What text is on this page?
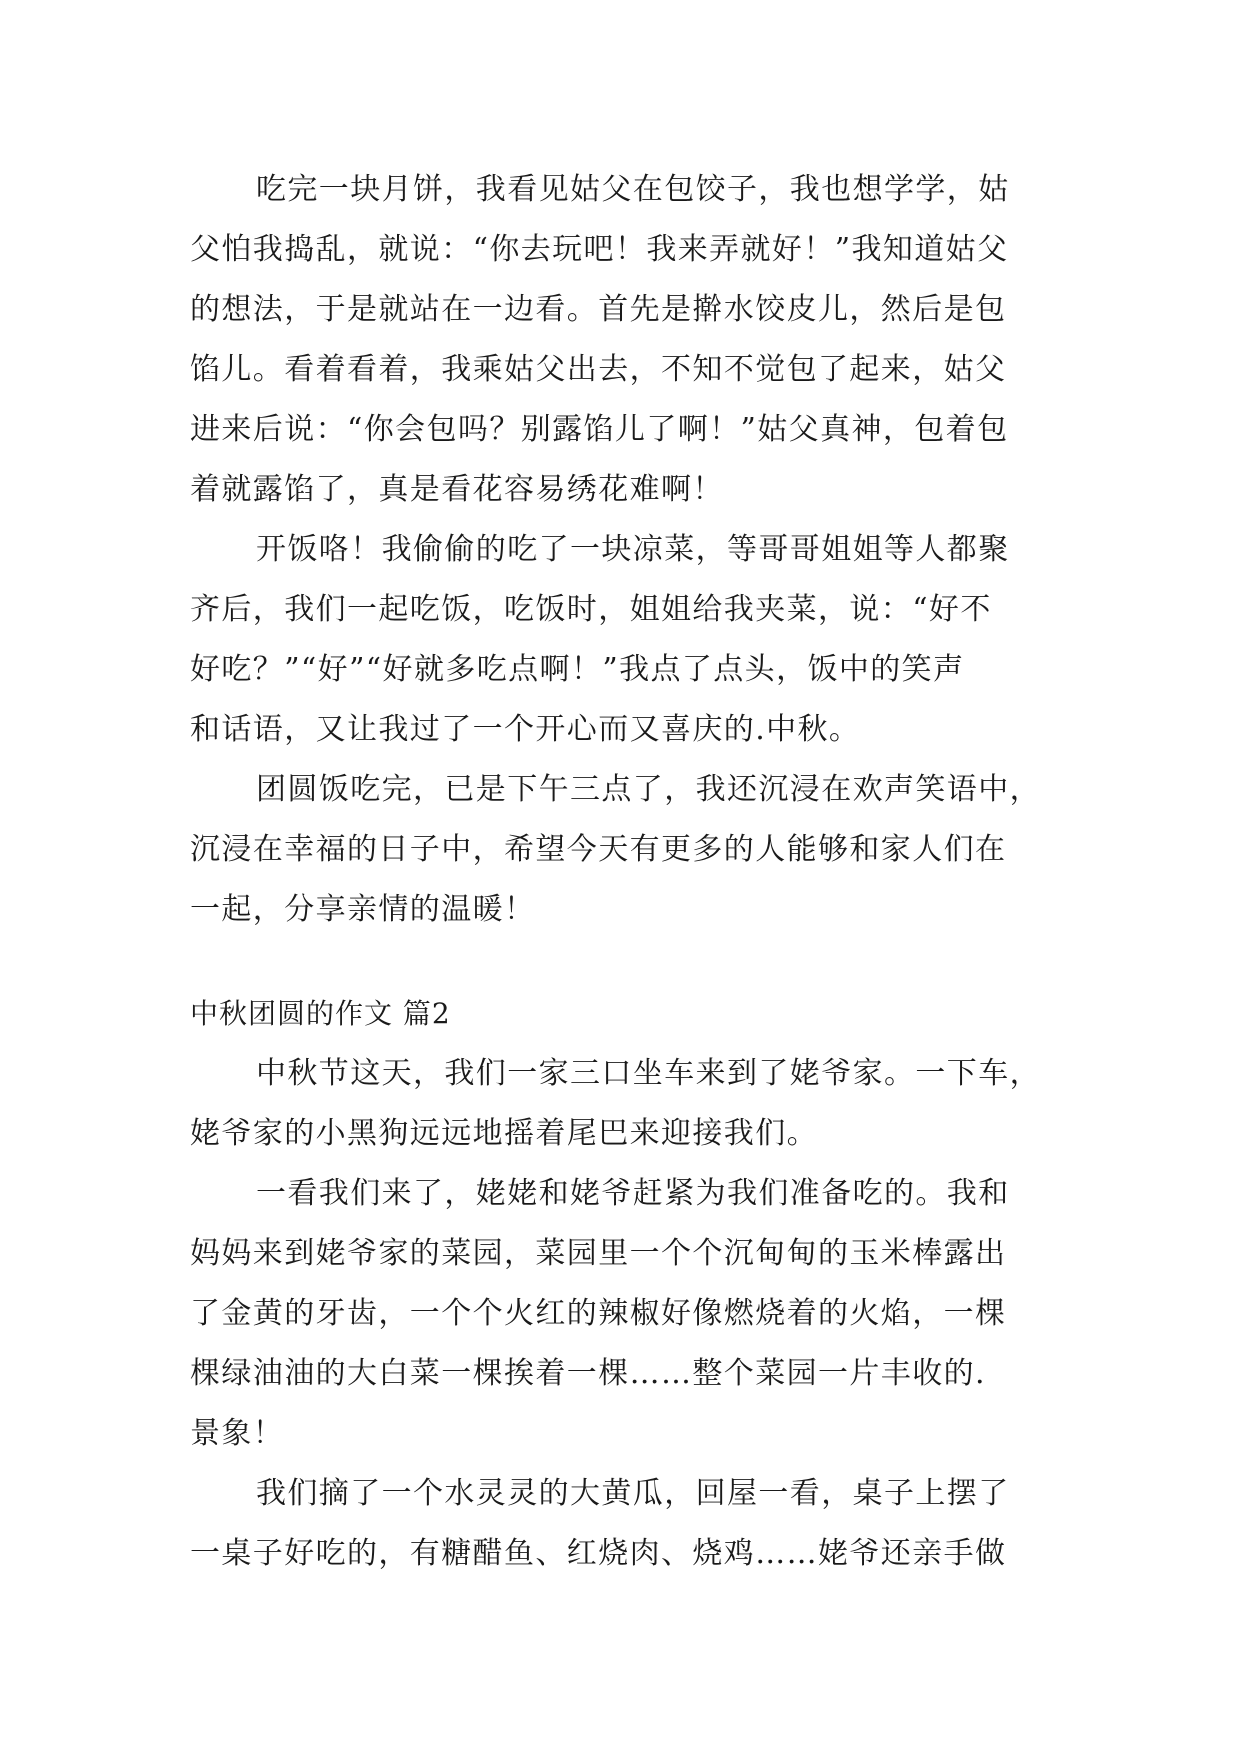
吃完一块月饼，我看见姑父在包饺子，我也想学学，姑
父怕我捣乱，就说：“你去玩吧！我来弄就好！”我知道姑父
的想法，于是就站在一边看。首先是擀水饺皮儿，然后是包
馅儿。看着看着，我乘姑父出去，不知不觉包了起来，姑父
进来后说：“你会包吗？别露馅儿了啊！”姑父真神，包着包
着就露馅了，真是看花容易绣花难啊！
开饭咯！我偷偷的吃了一块凉菜，等哥哥姐姐等人都聚
齐后，我们一起吃饭，吃饭时，姐姐给我夹菜，说：“好不
好吃？”“好”“好就多吃点啊！”我点了点头，饭中的笑声
和话语，又让我过了一个开心而又喜庆的.中秋。
团圆饭吃完，已是下午三点了，我还沉浸在欢声笑语中，
沉浸在幸福的日子中，希望今天有更多的人能够和家人们在
一起，分享亲情的温暖！
中秋团圆的作文 篇2
中秋节这天，我们一家三口坐车来到了姥爷家。一下车，
姥爷家的小黑狗远远地摇着尾巴来迎接我们。
一看我们来了，姥姥和姥爷赶紧为我们准备吃的。我和
妈妈来到姥爷家的菜园，菜园里一个个沉甸甸的玉米棒露出
了金黄的牙齿，一个个火红的辣椒好像燃烧着的火焰，一棵
棵绿油油的大白菜一棵挨着一棵……整个菜园一片丰收的.
景象！
我们摘了一个水灵灵的大黄瓜，回屋一看，桌子上摆了
一桌子好吃的，有糖醋鱼、红烧肉、烧鸡……姥爷还亲手做
